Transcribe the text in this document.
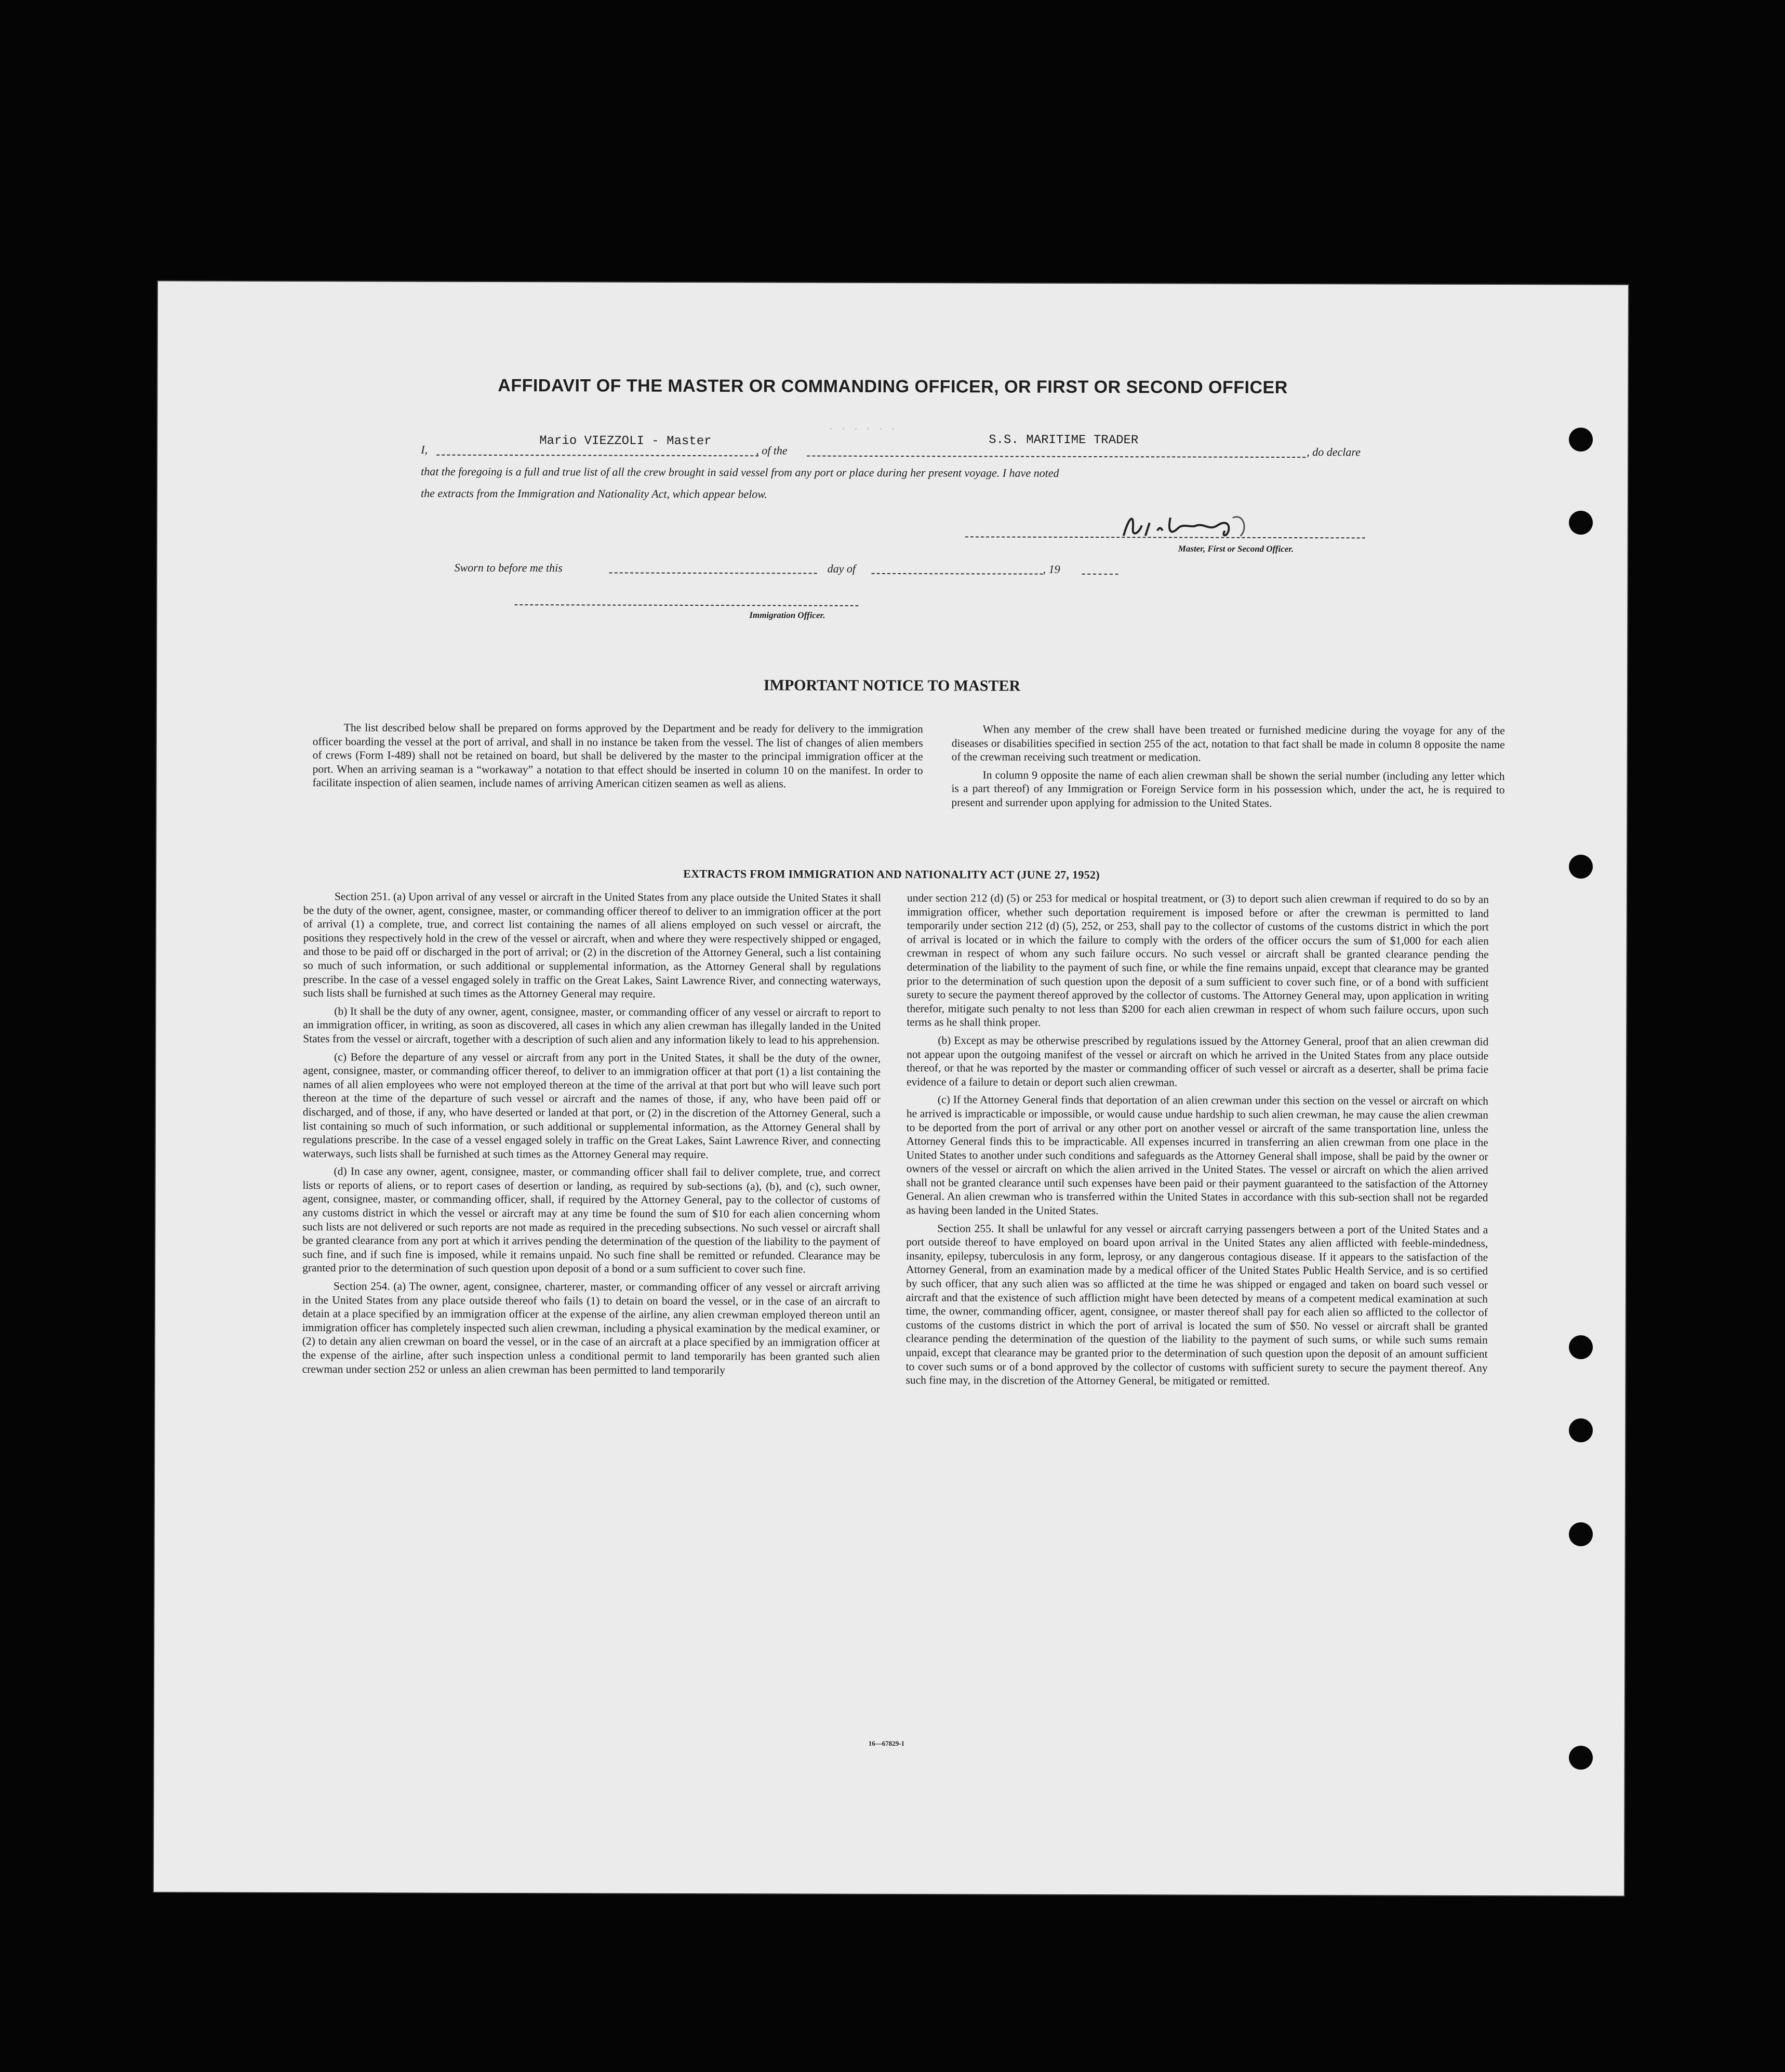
AFFIDAVIT OF THE MASTER OR COMMANDING OFFICER, OR FIRST OR SECOND OFFICER
I,
Mario VIEZZOLI - Master
, of the
S.S. MARITIME TRADER
, do declare
that the foregoing is a full and true list of all the crew brought in said vessel from any port or place during her present voyage. I have noted
the extracts from the Immigration and Nationality Act, which appear below.
Master, First or Second Officer.
Sworn to before me this	day of	, 19
Immigration Officer.
· · · · · ·
IMPORTANT NOTICE TO MASTER

The list described below shall be prepared on forms approved by the Department and be ready for delivery to the immigration officer boarding the vessel at the port of arrival, and shall in no instance be taken from the vessel. The list of changes of alien members of crews (Form I-489) shall not be retained on board, but shall be delivered by the master to the principal immigration officer at the port. When an arriving seaman is a “workaway” a notation to that effect should be inserted in column 10 on the manifest. In order to facilitate inspection of alien seamen, include names of arriving American citizen seamen as well as aliens.

When any member of the crew shall have been treated or furnished medicine during the voyage for any of the diseases or disabilities specified in section 255 of the act, notation to that fact shall be made in column 8 opposite the name of the crewman receiving such treatment or medication.

In column 9 opposite the name of each alien crewman shall be shown the serial number (including any letter which is a part thereof) of any Immigration or Foreign Service form in his possession which, under the act, he is required to present and surrender upon applying for admission to the United States.

EXTRACTS FROM IMMIGRATION AND NATIONALITY ACT (JUNE 27, 1952)

Section 251. (a) Upon arrival of any vessel or aircraft in the United States from any place outside the United States it shall be the duty of the owner, agent, consignee, master, or commanding officer thereof to deliver to an immigration officer at the port of arrival (1) a complete, true, and correct list containing the names of all aliens employed on such vessel or aircraft, the positions they respectively hold in the crew of the vessel or aircraft, when and where they were respectively shipped or engaged, and those to be paid off or discharged in the port of arrival; or (2) in the discretion of the Attorney General, such a list containing so much of such information, or such additional or supplemental information, as the Attorney General shall by regulations prescribe. In the case of a vessel engaged solely in traffic on the Great Lakes, Saint Lawrence River, and connecting waterways, such lists shall be furnished at such times as the Attorney General may require.

(b) It shall be the duty of any owner, agent, consignee, master, or commanding officer of any vessel or aircraft to report to an immigration officer, in writing, as soon as discovered, all cases in which any alien crewman has illegally landed in the United States from the vessel or aircraft, together with a description of such alien and any information likely to lead to his apprehension.

(c) Before the departure of any vessel or aircraft from any port in the United States, it shall be the duty of the owner, agent, consignee, master, or commanding officer thereof, to deliver to an immigration officer at that port (1) a list containing the names of all alien employees who were not employed thereon at the time of the arrival at that port but who will leave such port thereon at the time of the departure of such vessel or aircraft and the names of those, if any, who have been paid off or discharged, and of those, if any, who have deserted or landed at that port, or (2) in the discretion of the Attorney General, such a list containing so much of such information, or such additional or supplemental information, as the Attorney General shall by regulations prescribe. In the case of a vessel engaged solely in traffic on the Great Lakes, Saint Lawrence River, and connecting waterways, such lists shall be furnished at such times as the Attorney General may require.

(d) In case any owner, agent, consignee, master, or commanding officer shall fail to deliver complete, true, and correct lists or reports of aliens, or to report cases of desertion or landing, as required by sub-sections (a), (b), and (c), such owner, agent, consignee, master, or commanding officer, shall, if required by the Attorney General, pay to the collector of customs of any customs district in which the vessel or aircraft may at any time be found the sum of $10 for each alien concerning whom such lists are not delivered or such reports are not made as required in the preceding subsections. No such vessel or aircraft shall be granted clearance from any port at which it arrives pending the determination of the question of the liability to the payment of such fine, and if such fine is imposed, while it remains unpaid. No such fine shall be remitted or refunded. Clearance may be granted prior to the determination of such question upon deposit of a bond or a sum sufficient to cover such fine.

Section 254. (a) The owner, agent, consignee, charterer, master, or commanding officer of any vessel or aircraft arriving in the United States from any place outside thereof who fails (1) to detain on board the vessel, or in the case of an aircraft to detain at a place specified by an immigration officer at the expense of the airline, any alien crewman employed thereon until an immigration officer has completely inspected such alien crewman, including a physical examination by the medical examiner, or (2) to detain any alien crewman on board the vessel, or in the case of an aircraft at a place specified by an immigration officer at the expense of the airline, after such inspection unless a conditional permit to land temporarily has been granted such alien crewman under section 252 or unless an alien crewman has been permitted to land temporarily

under section 212 (d) (5) or 253 for medical or hospital treatment, or (3) to deport such alien crewman if required to do so by an immigration officer, whether such deportation requirement is imposed before or after the crewman is permitted to land temporarily under section 212 (d) (5), 252, or 253, shall pay to the collector of customs of the customs district in which the port of arrival is located or in which the failure to comply with the orders of the officer occurs the sum of $1,000 for each alien crewman in respect of whom any such failure occurs. No such vessel or aircraft shall be granted clearance pending the determination of the liability to the payment of such fine, or while the fine remains unpaid, except that clearance may be granted prior to the determination of such question upon the deposit of a sum sufficient to cover such fine, or of a bond with sufficient surety to secure the payment thereof approved by the collector of customs. The Attorney General may, upon application in writing therefor, mitigate such penalty to not less than $200 for each alien crewman in respect of whom such failure occurs, upon such terms as he shall think proper.

(b) Except as may be otherwise prescribed by regulations issued by the Attorney General, proof that an alien crewman did not appear upon the outgoing manifest of the vessel or aircraft on which he arrived in the United States from any place outside thereof, or that he was reported by the master or commanding officer of such vessel or aircraft as a deserter, shall be prima facie evidence of a failure to detain or deport such alien crewman.

(c) If the Attorney General finds that deportation of an alien crewman under this section on the vessel or aircraft on which he arrived is impracticable or impossible, or would cause undue hardship to such alien crewman, he may cause the alien crewman to be deported from the port of arrival or any other port on another vessel or aircraft of the same transportation line, unless the Attorney General finds this to be impracticable. All expenses incurred in transferring an alien crewman from one place in the United States to another under such conditions and safeguards as the Attorney General shall impose, shall be paid by the owner or owners of the vessel or aircraft on which the alien arrived in the United States. The vessel or aircraft on which the alien arrived shall not be granted clearance until such expenses have been paid or their payment guaranteed to the satisfaction of the Attorney General. An alien crewman who is transferred within the United States in accordance with this sub-section shall not be regarded as having been landed in the United States.

Section 255. It shall be unlawful for any vessel or aircraft carrying passengers between a port of the United States and a port outside thereof to have employed on board upon arrival in the United States any alien afflicted with feeble-mindedness, insanity, epilepsy, tuberculosis in any form, leprosy, or any dangerous contagious disease. If it appears to the satisfaction of the Attorney General, from an examination made by a medical officer of the United States Public Health Service, and is so certified by such officer, that any such alien was so afflicted at the time he was shipped or engaged and taken on board such vessel or aircraft and that the existence of such affliction might have been detected by means of a competent medical examination at such time, the owner, commanding officer, agent, consignee, or master thereof shall pay for each alien so afflicted to the collector of customs of the customs district in which the port of arrival is located the sum of $50. No vessel or aircraft shall be granted clearance pending the determination of the question of the liability to the payment of such sums, or while such sums remain unpaid, except that clearance may be granted prior to the determination of such question upon the deposit of an amount sufficient to cover such sums or of a bond approved by the collector of customs with sufficient surety to secure the payment thereof. Any such fine may, in the discretion of the Attorney General, be mitigated or remitted.

16—67829-1
